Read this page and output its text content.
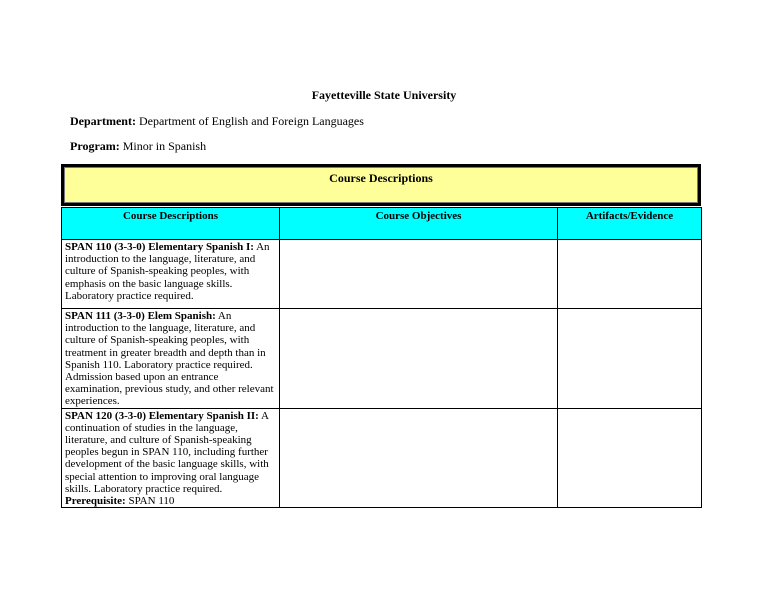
Fayetteville State University
Department: Department of English and Foreign Languages
Program: Minor in Spanish
Course Descriptions
Course Descriptions	Course Objectives	Artifacts/Evidence
SPAN 110 (3-3-0) Elementary Spanish I: An introduction to the language, literature, and culture of Spanish-speaking peoples, with emphasis on the basic language skills. Laboratory practice required.		
SPAN 111 (3-3-0) Elem Spanish: An introduction to the language, literature, and culture of Spanish-speaking peoples, with treatment in greater breadth and depth than in Spanish 110. Laboratory practice required. Admission based upon an entrance examination, previous study, and other relevant experiences.		
SPAN 120 (3-3-0) Elementary Spanish II: A continuation of studies in the language, literature, and culture of Spanish-speaking peoples begun in SPAN 110, including further development of the basic language skills, with special attention to improving oral language skills. Laboratory practice required.
Prerequisite: SPAN 110		
